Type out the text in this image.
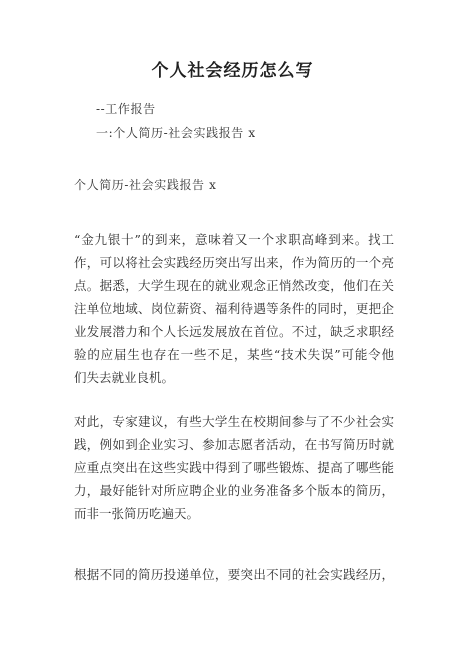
个人社会经历怎么写
--工作报告
一:个人简历-社会实践报告 x
个人简历-社会实践报告 x

“金九银十”的到来，意味着又一个求职高峰到来。找工
作，可以将社会实践经历突出写出来，作为简历的一个亮
点。据悉，大学生现在的就业观念正悄然改变，他们在关
注单位地域、岗位薪资、福利待遇等条件的同时，更把企
业发展潜力和个人长远发展放在首位。不过，缺乏求职经
验的应届生也存在一些不足，某些“技术失误”可能令他
们失去就业良机。

对此，专家建议，有些大学生在校期间参与了不少社会实
践，例如到企业实习、参加志愿者活动，在书写简历时就
应重点突出在这些实践中得到了哪些锻炼、提高了哪些能
力，最好能针对所应聘企业的业务准备多个版本的简历，
而非一张简历吃遍天。

根据不同的简历投递单位，要突出不同的社会实践经历，
